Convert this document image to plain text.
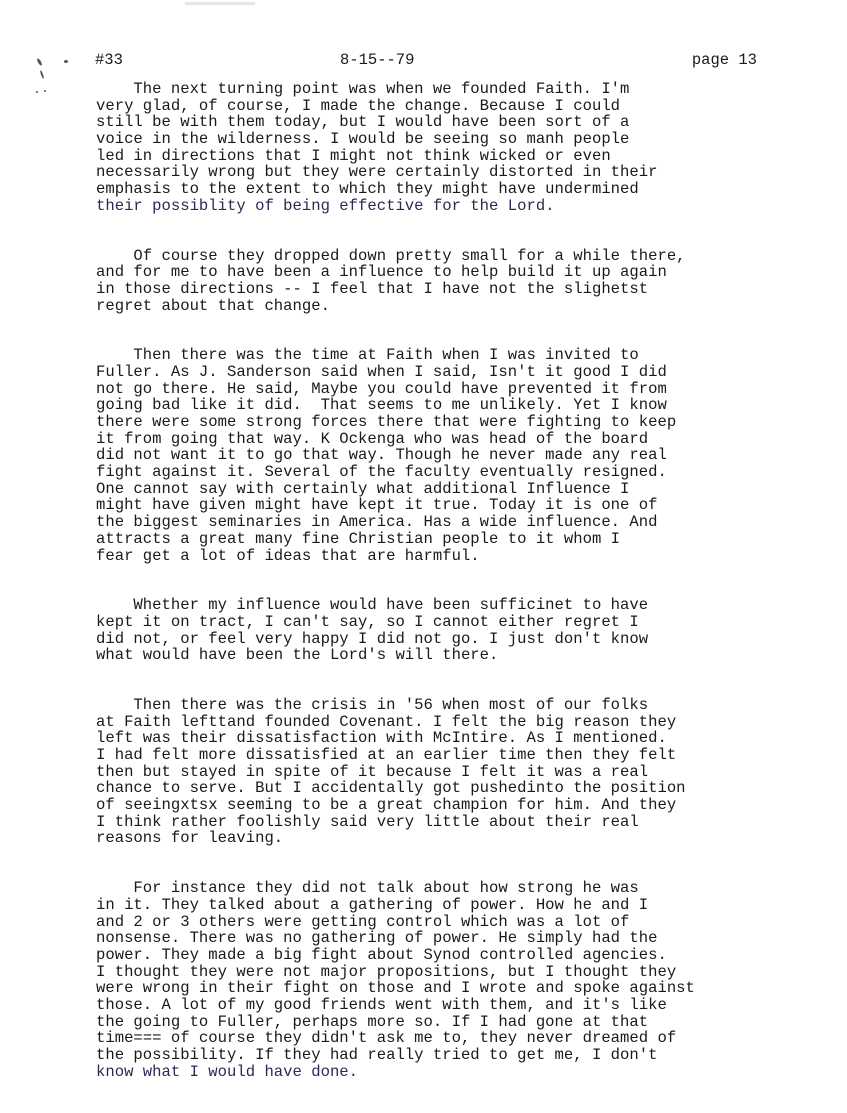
#33	8-15--79	page 13
The next turning point was when we founded Faith. I'm
very glad, of course, I made the change. Because I could
still be with them today, but I would have been sort of a
voice in the wilderness. I would be seeing so manh people
led in directions that I might not think wicked or even
necessarily wrong but they were certainly distorted in their
emphasis to the extent to which they might have undermined
their possiblity of being effective for the Lord.
Of course they dropped down pretty small for a while there,
and for me to have been a influence to help build it up again
in those directions -- I feel that I have not the slighetst
regret about that change.
Then there was the time at Faith when I was invited to
Fuller. As J. Sanderson said when I said, Isn't it good I did
not go there. He said, Maybe you could have prevented it from
going bad like it did.  That seems to me unlikely. Yet I know
there were some strong forces there that were fighting to keep
it from going that way. K Ockenga who was head of the board
did not want it to go that way. Though he never made any real
fight against it. Several of the faculty eventually resigned.
One cannot say with certainly what additional Influence I
might have given might have kept it true. Today it is one of
the biggest seminaries in America. Has a wide influence. And
attracts a great many fine Christian people to it whom I
fear get a lot of ideas that are harmful.
Whether my influence would have been sufficinet to have
kept it on tract, I can't say, so I cannot either regret I
did not, or feel very happy I did not go. I just don't know
what would have been the Lord's will there.
Then there was the crisis in '56 when most of our folks
at Faith lefttand founded Covenant. I felt the big reason they
left was their dissatisfaction with McIntire. As I mentioned.
I had felt more dissatisfied at an earlier time then they felt
then but stayed in spite of it because I felt it was a real
chance to serve. But I accidentally got pushedinto the position
of seeingxtsx seeming to be a great champion for him. And they
I think rather foolishly said very little about their real
reasons for leaving.
For instance they did not talk about how strong he was
in it. They talked about a gathering of power. How he and I
and 2 or 3 others were getting control which was a lot of
nonsense. There was no gathering of power. He simply had the
power. They made a big fight about Synod controlled agencies.
I thought they were not major propositions, but I thought they
were wrong in their fight on those and I wrote and spoke against
those. A lot of my good friends went with them, and it's like
the going to Fuller, perhaps more so. If I had gone at that
time=== of course they didn't ask me to, they never dreamed of
the possibility. If they had really tried to get me, I don't
know what I would have done.
